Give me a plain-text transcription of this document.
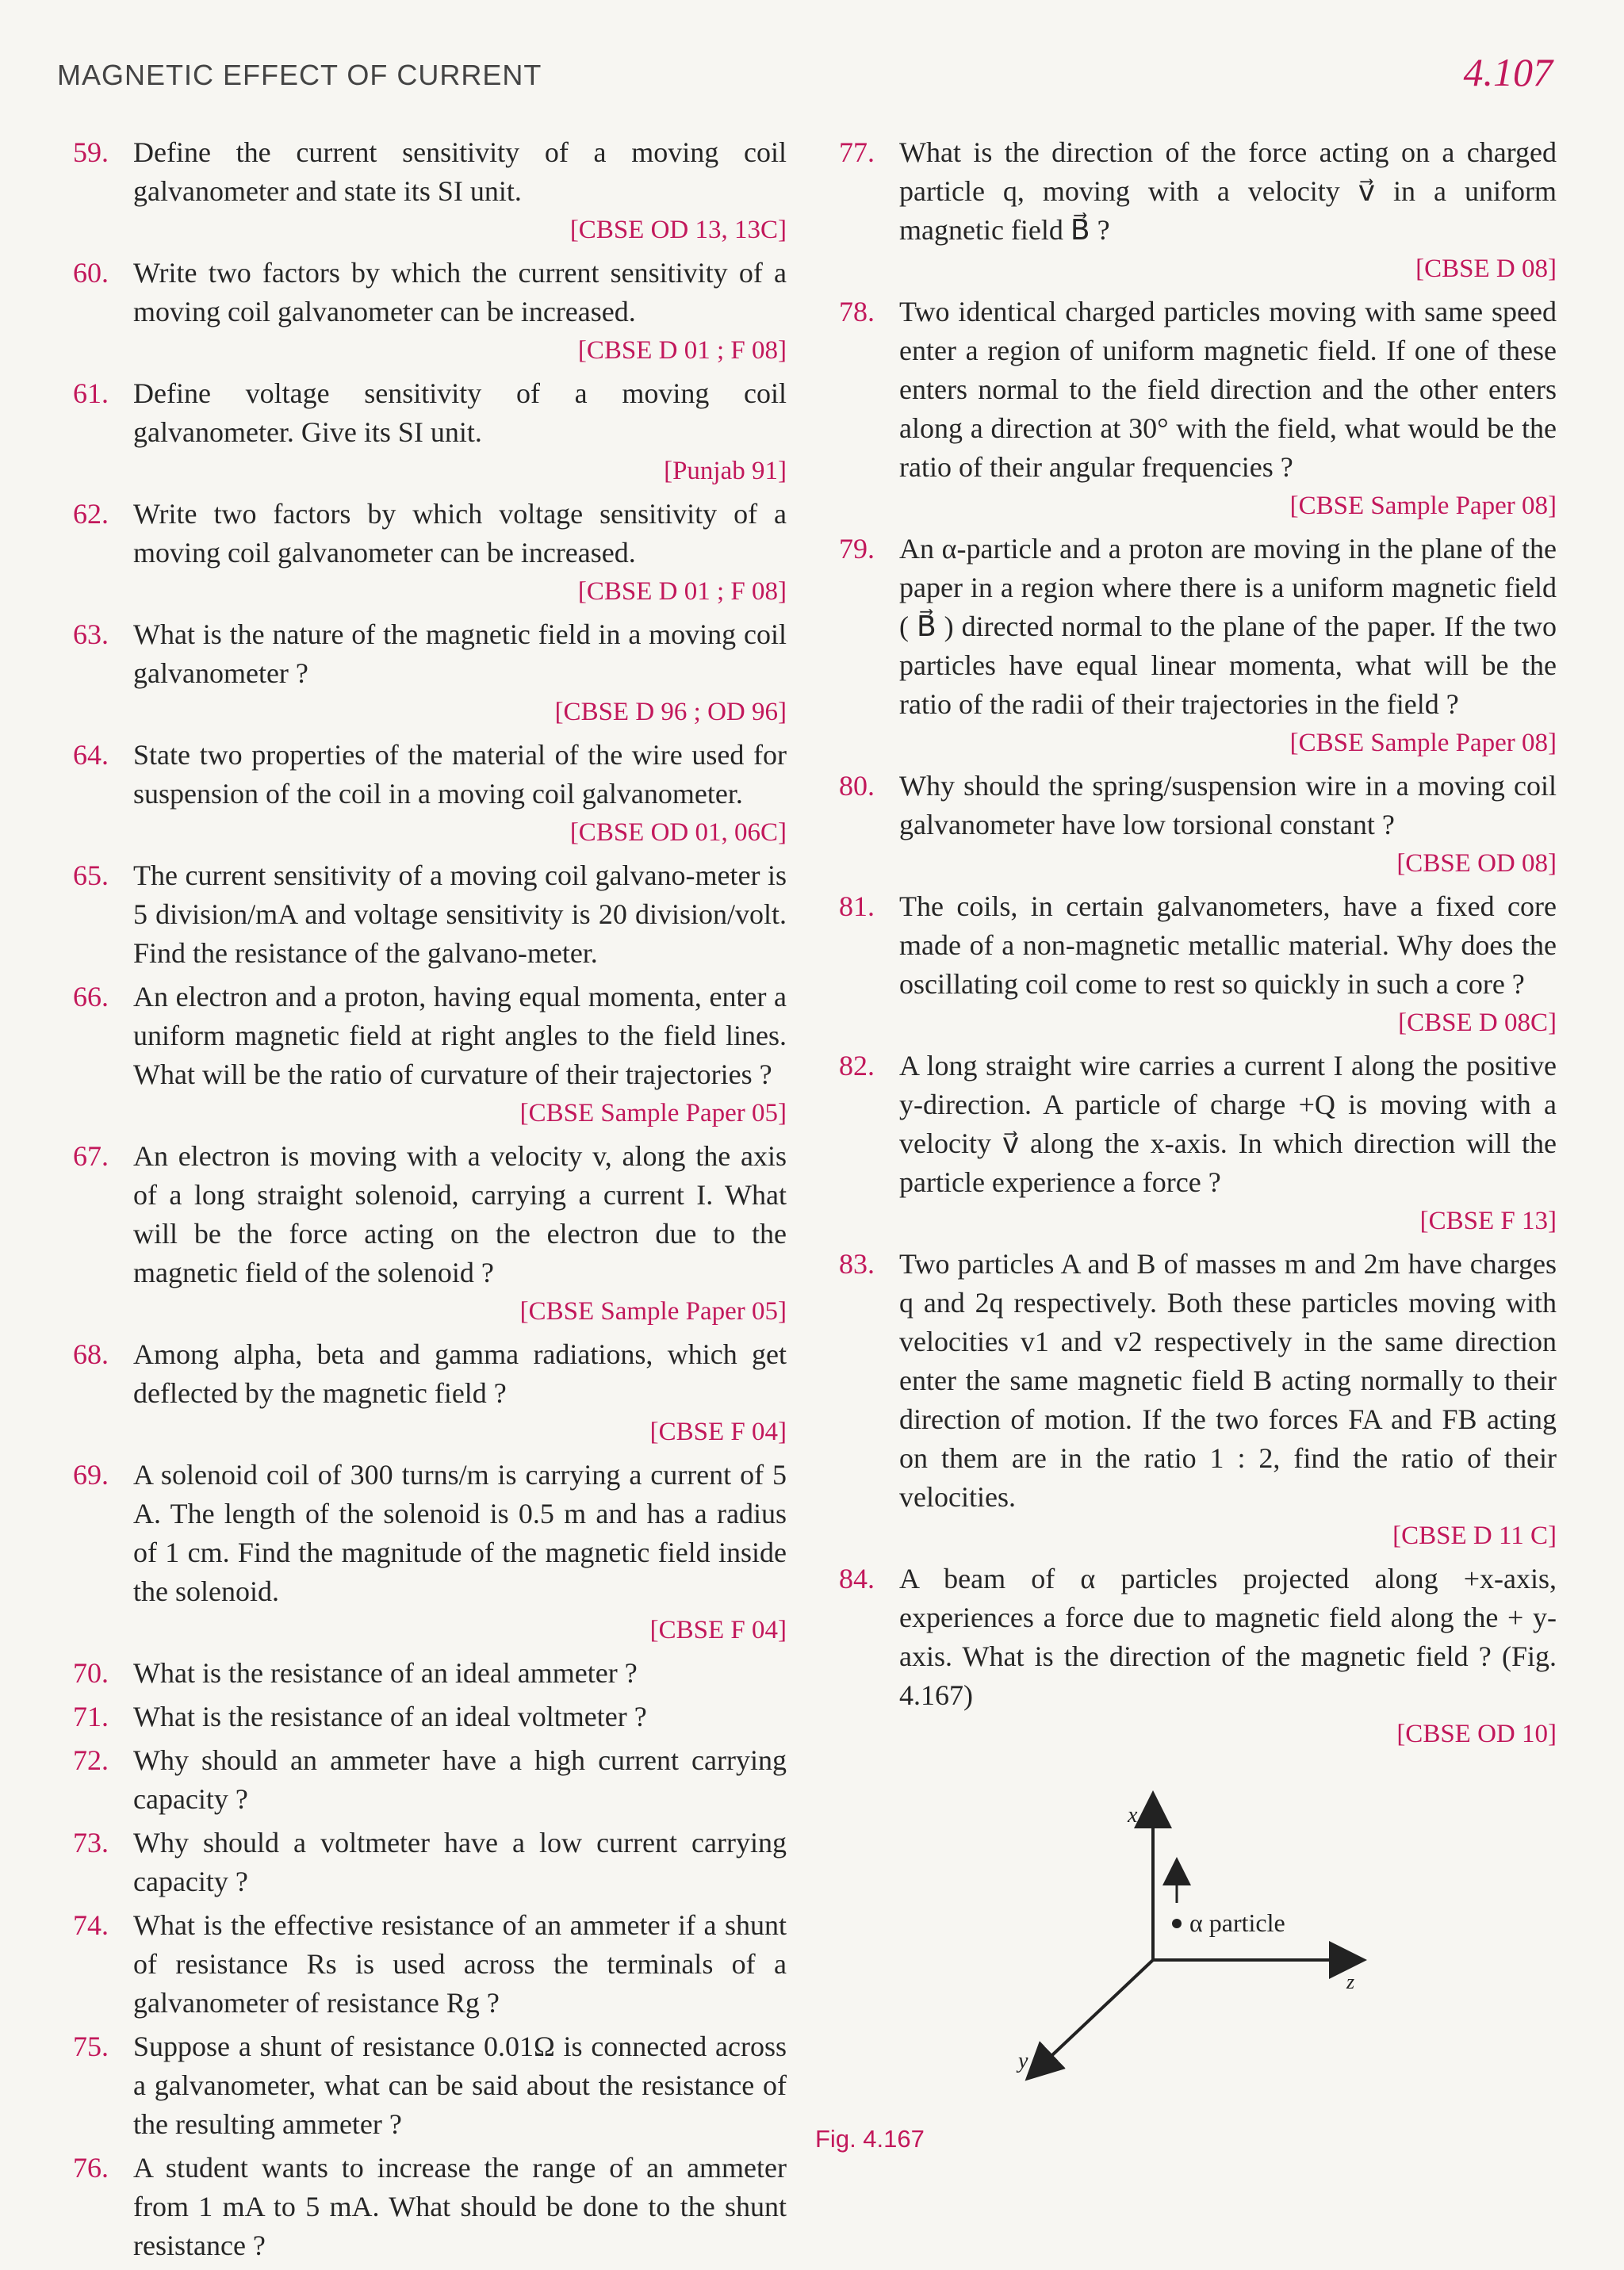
MAGNETIC EFFECT OF CURRENT	4.107
59. Define the current sensitivity of a moving coil galvanometer and state its SI unit.
[CBSE OD 13, 13C]
60. Write two factors by which the current sensitivity of a moving coil galvanometer can be increased.
[CBSE D 01 ; F 08]
61. Define voltage sensitivity of a moving coil galvanometer. Give its SI unit.
[Punjab 91]
62. Write two factors by which voltage sensitivity of a moving coil galvanometer can be increased.
[CBSE D 01 ; F 08]
63. What is the nature of the magnetic field in a moving coil galvanometer ?
[CBSE D 96 ; OD 96]
64. State two properties of the material of the wire used for suspension of the coil in a moving coil galvanometer.
[CBSE OD 01, 06C]
65. The current sensitivity of a moving coil galvano-meter is 5 division/mA and voltage sensitivity is 20 division/volt. Find the resistance of the galvano-meter.
66. An electron and a proton, having equal momenta, enter a uniform magnetic field at right angles to the field lines. What will be the ratio of curvature of their trajectories ?
[CBSE Sample Paper 05]
67. An electron is moving with a velocity v, along the axis of a long straight solenoid, carrying a current I. What will be the force acting on the electron due to the magnetic field of the solenoid ?
[CBSE Sample Paper 05]
68. Among alpha, beta and gamma radiations, which get deflected by the magnetic field ?
[CBSE F 04]
69. A solenoid coil of 300 turns/m is carrying a current of 5 A. The length of the solenoid is 0.5 m and has a radius of 1 cm. Find the magnitude of the magnetic field inside the solenoid.
[CBSE F 04]
70. What is the resistance of an ideal ammeter ?
71. What is the resistance of an ideal voltmeter ?
72. Why should an ammeter have a high current carrying capacity ?
73. Why should a voltmeter have a low current carrying capacity ?
74. What is the effective resistance of an ammeter if a shunt of resistance Rs is used across the terminals of a galvanometer of resistance Rg ?
75. Suppose a shunt of resistance 0.01Ω is connected across a galvanometer, what can be said about the resistance of the resulting ammeter ?
76. A student wants to increase the range of an ammeter from 1 mA to 5 mA. What should be done to the shunt resistance ?
77. What is the direction of the force acting on a charged particle q, moving with a velocity v⃗ in a uniform magnetic field B⃗ ?
[CBSE D 08]
78. Two identical charged particles moving with same speed enter a region of uniform magnetic field. If one of these enters normal to the field direction and the other enters along a direction at 30° with the field, what would be the ratio of their angular frequencies ?
[CBSE Sample Paper 08]
79. An α-particle and a proton are moving in the plane of the paper in a region where there is a uniform magnetic field ( B⃗ ) directed normal to the plane of the paper. If the two particles have equal linear momenta, what will be the ratio of the radii of their trajectories in the field ?
[CBSE Sample Paper 08]
80. Why should the spring/suspension wire in a moving coil galvanometer have low torsional constant ?
[CBSE OD 08]
81. The coils, in certain galvanometers, have a fixed core made of a non-magnetic metallic material. Why does the oscillating coil come to rest so quickly in such a core ?
[CBSE D 08C]
82. A long straight wire carries a current I along the positive y-direction. A particle of charge +Q is moving with a velocity v⃗ along the x-axis. In which direction will the particle experience a force ?
[CBSE F 13]
83. Two particles A and B of masses m and 2m have charges q and 2q respectively. Both these particles moving with velocities v1 and v2 respectively in the same direction enter the same magnetic field B acting normally to their direction of motion. If the two forces FA and FB acting on them are in the ratio 1 : 2, find the ratio of their velocities.
[CBSE D 11 C]
84. A beam of α particles projected along +x-axis, experiences a force due to magnetic field along the + y-axis. What is the direction of the magnetic field ? (Fig. 4.167)
[CBSE OD 10]
α particle
x
z
y
Fig. 4.167
